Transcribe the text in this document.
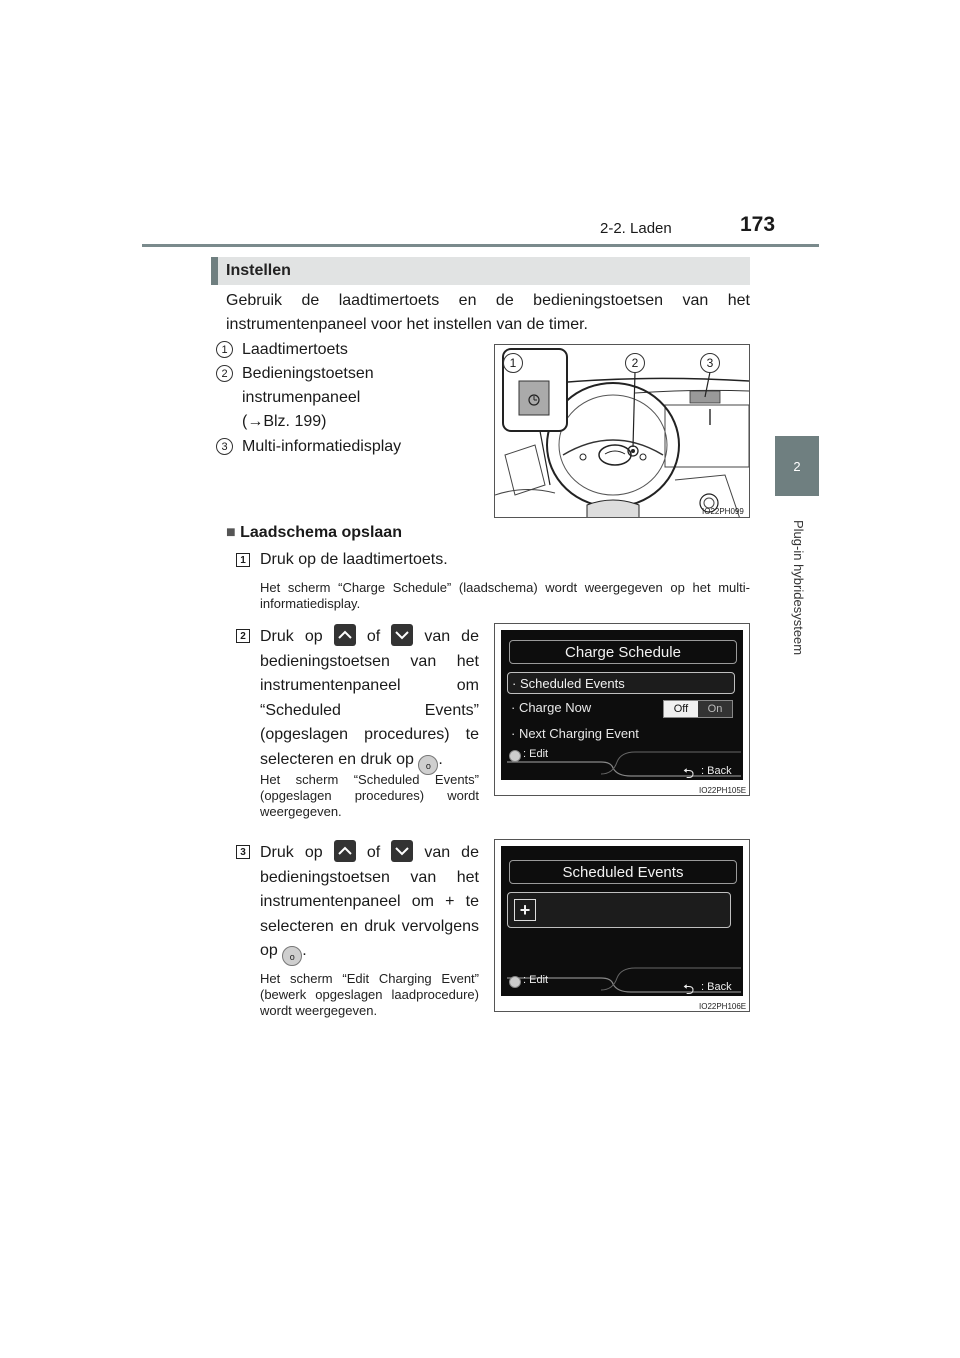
2-2. Laden	173
2
Plug-in hybridesysteem
Instellen
Gebruik de laadtimertoets en de bedieningstoetsen van het instrumentenpaneel voor het instellen van de timer.
1 Laadtimertoets
2 Bedieningstoetsen instrumenpaneel
(→Blz. 199)
3 Multi-informatiedisplay
1	2	3
IO22PH099
■ Laadschema opslaan
1 Druk op de laadtimertoets.
Het scherm “Charge Schedule” (laadschema) wordt weergegeven op het multi-informatiedisplay.
2 Druk op	of	van de bedieningstoetsen van het instrumentenpaneel om “Scheduled Events” (opgeslagen procedures) te selecteren en druk op o .
Het scherm “Scheduled Events” (opgeslagen procedures) wordt weergegeven.
Charge Schedule
· Scheduled Events
· Charge Now	Off	On
· Next Charging Event
: Edit
⮌ : Back
IO22PH105E
3 Druk op	of	van de bedieningstoetsen van het instrumentenpaneel om + te selecteren en druk vervolgens op o .
Het scherm “Edit Charging Event” (bewerk opgeslagen laadprocedure) wordt weergegeven.
Scheduled Events
+
: Edit
⮌ : Back
IO22PH106E
